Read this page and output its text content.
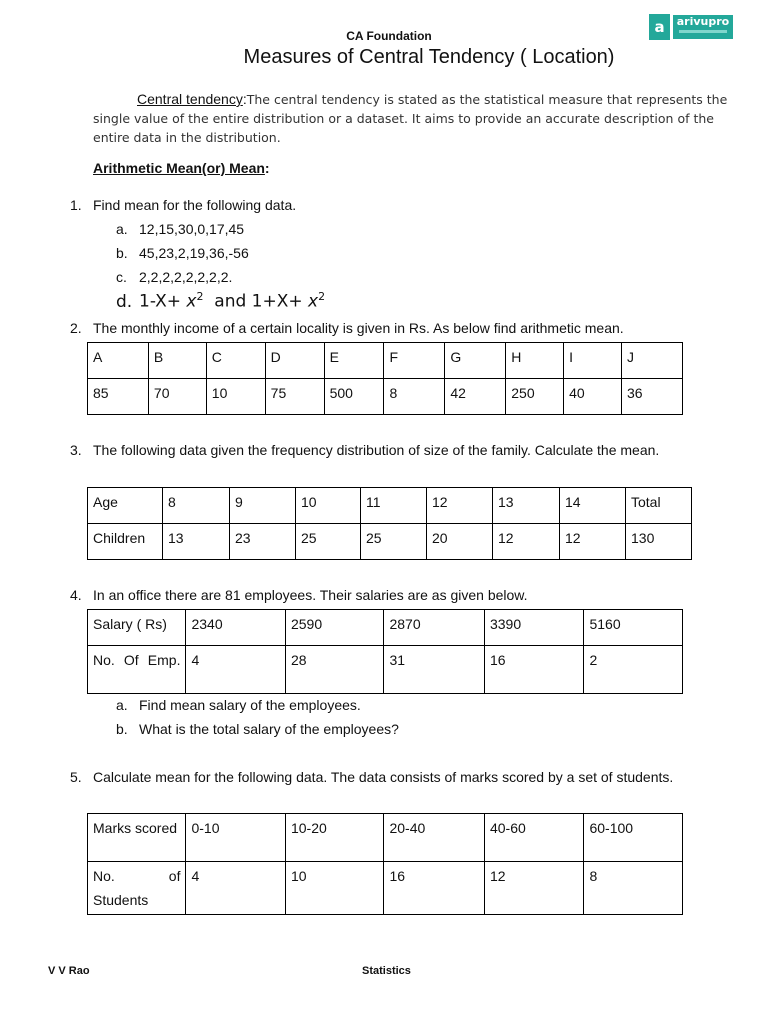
CA Foundation
Measures of Central Tendency ( Location)
a	arivupro
Central tendency:The central tendency is stated as the statistical measure that represents the single value of the entire distribution or a dataset. It aims to provide an accurate description of the entire data in the distribution.
Arithmetic Mean(or) Mean:
1. Find mean for the following data.
a. 12,15,30,0,17,45
b. 45,23,2,19,36,-56
c. 2,2,2,2,2,2,2,2.
d. $1-X+ x^2$ and $1+X+ x^2$
2. The monthly income of a certain locality is given in Rs. As below find arithmetic mean.
A	B	C	D	E	F	G	H	I	J
85	70	10	75	500	8	42	250	40	36
3. The following data given the frequency distribution of size of the family. Calculate the mean.
Age	8	9	10	11	12	13	14	Total
Children	13	23	25	25	20	12	12	130
4. In an office there are 81 employees. Their salaries are as given below.
Salary ( Rs)	2340	2590	2870	3390	5160
No. Of Emp.	4	28	31	16	2
a. Find mean salary of the employees.
b. What is the total salary of the employees?
5. Calculate mean for the following data. The data consists of marks scored by a set of students.
Marks scored	0-10	10-20	20-40	40-60	60-100
No. of Students	4	10	16	12	8
V V Rao	Statistics
